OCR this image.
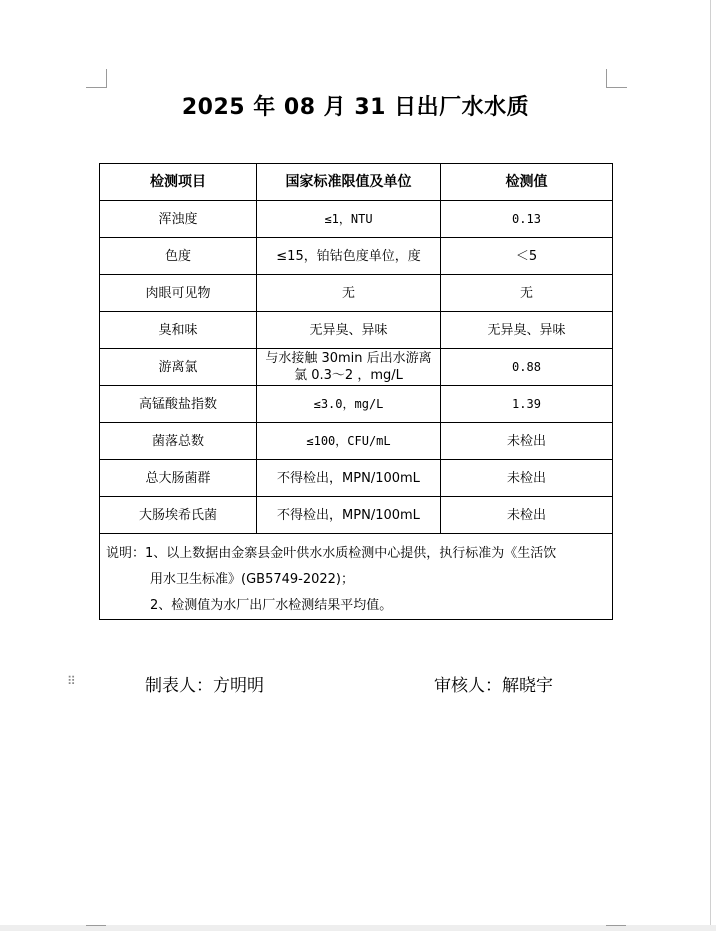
2025 年 08 月 31 日出厂水水质
检测项目	国家标准限值及单位	检测值
浑浊度	≤1，NTU	0.13
色度	≤15，铂钴色度单位，度	＜5
肉眼可见物	无	无
臭和味	无异臭、异味	无异臭、异味
游离氯	与水接触 30min 后出水游离氯 0.3～2 ，mg/L	0.88
高锰酸盐指数	≤3.0，mg/L	1.39
菌落总数	≤100，CFU/mL	未检出
总大肠菌群	不得检出，MPN/100mL	未检出
大肠埃希氏菌	不得检出，MPN/100mL	未检出

说明：1、以上数据由金寨县金叶供水水质检测中心提供，执行标准为《生活饮
用水卫生标准》(GB5749-2022)；
2、检测值为水厂出厂水检测结果平均值。		
⠿	制表人：方明明	审核人：解晓宇
